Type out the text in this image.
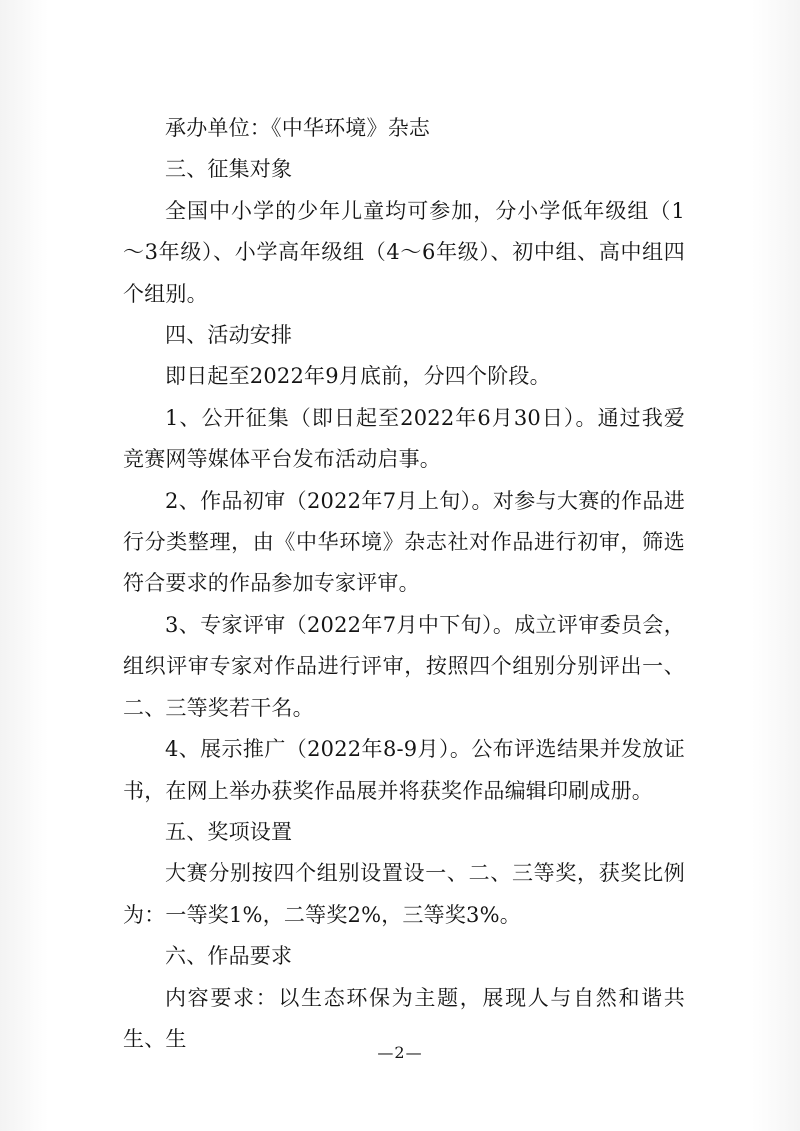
承办单位：《中华环境》杂志

三、征集对象

全国中小学的少年儿童均可参加，分小学低年级组（1～3年级）、小学高年级组（4～6年级）、初中组、高中组四个组别。

四、活动安排

即日起至2022年9月底前，分四个阶段。

1、公开征集（即日起至2022年6月30日）。通过我爱竞赛网等媒体平台发布活动启事。

2、作品初审（2022年7月上旬）。对参与大赛的作品进行分类整理，由《中华环境》杂志社对作品进行初审，筛选符合要求的作品参加专家评审。

3、专家评审（2022年7月中下旬）。成立评审委员会，组织评审专家对作品进行评审，按照四个组别分别评出一、二、三等奖若干名。

4、展示推广（2022年8-9月）。公布评选结果并发放证书，在网上举办获奖作品展并将获奖作品编辑印刷成册。

五、奖项设置

大赛分别按四个组别设置设一、二、三等奖，获奖比例为：一等奖1%，二等奖2%，三等奖3%。

六、作品要求

内容要求：以生态环保为主题，展现人与自然和谐共生、生

—2—
